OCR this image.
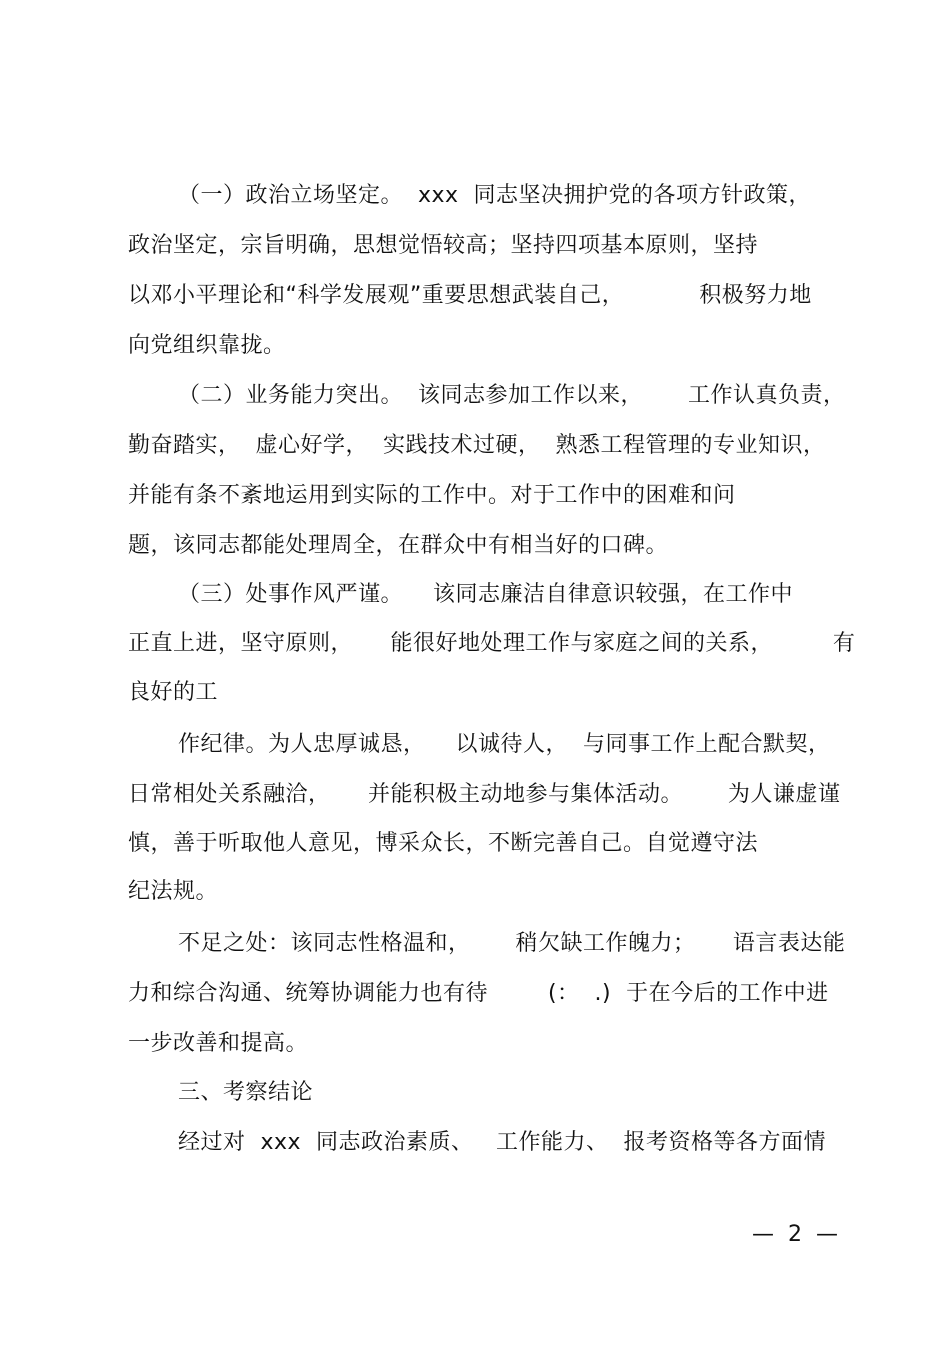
（一）政治立场坚定。  xxx  同志坚决拥护党的各项方针政策，
政治坚定，宗旨明确，思想觉悟较高；坚持四项基本原则，坚持
以邓小平理论和“科学发展观”重要思想武装自己，          积极努力地
向党组织靠拢。
（二）业务能力突出。  该同志参加工作以来，      工作认真负责，
勤奋踏实，  虚心好学，  实践技术过硬，  熟悉工程管理的专业知识，
并能有条不紊地运用到实际的工作中。对于工作中的困难和问
题，该同志都能处理周全，在群众中有相当好的口碑。
（三）处事作风严谨。    该同志廉洁自律意识较强，在工作中
正直上进，坚守原则，     能很好地处理工作与家庭之间的关系，        有
良好的工
作纪律。为人忠厚诚恳，    以诚待人，  与同事工作上配合默契，
日常相处关系融洽，     并能积极主动地参与集体活动。      为人谦虚谨
慎，善于听取他人意见，博采众长，不断完善自己。自觉遵守法
纪法规。
不足之处：该同志性格温和，      稍欠缺工作魄力；     语言表达能
力和综合沟通、统筹协调能力也有待        (：  .)  于在今后的工作中进
一步改善和提高。
三、考察结论
经过对  xxx  同志政治素质、   工作能力、  报考资格等各方面情
—  2  —
